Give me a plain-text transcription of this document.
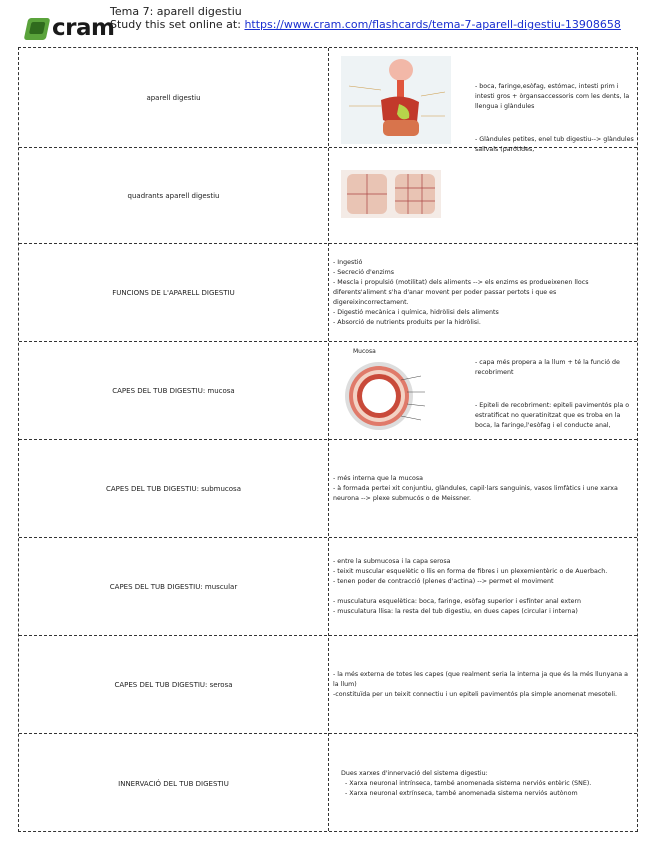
cram
Tema 7: aparell digestiu
Study this set online at: https://www.cram.com/flashcards/tema-7-aparell-digestiu-13908658
aparell digestiu

- boca, faringe,esòfag, estómac, intesti prim i intesti gros + òrgansaccessoris com les dents, la llengua i glàndules

- Glàndules petites, enel tub digestiu--> glàndules salivals (parótides,

quadrants aparell digestiu
FUNCIONS DE L'APARELL DIGESTIU

- Ingestió

- Secreció d'enzims

- Mescla i propulsió (motilitat) dels aliments --> els enzims es produeixenen llocs diferents'aliment s'ha d'anar movent per poder passar pertots i que es digereixincorrectament.

- Digestió mecànica i química, hidròlisi dels aliments

- Absorció de nutrients produits per la hidròlisi.

CAPES DEL TUB DIGESTIU: mucosa
Mucosa

- capa més propera a la llum + té la funció de recobriment

- Epiteli de recobriment: epiteli pavimentós pla o estratificat no queratinitzat que es troba en la boca, la faringe,l'esòfag i el conducte anal,

CAPES DEL TUB DIGESTIU: submucosa

- més interna que la mucosa

- à formada pertei xit conjuntiu, glàndules, capil·lars sanguinis, vasos limfàtics i une xarxa neurona --> plexe submucós o de Meissner.

CAPES DEL TUB DIGESTIU: muscular

- entre la submucosa i la capa serosa

- teixit muscular esquelètic o llis en forma de fibres i un plexemientèric o de Auerbach.

- tenen poder de contracció (plenes d'actina) --> permet el moviment

- musculatura esquelètica: boca, faringe, esòfag superior i esfínter anal extern

- musculatura llisa: la resta del tub digestiu, en dues capes (circular i interna)

CAPES DEL TUB DIGESTIU: serosa

- la més externa de totes les capes (que realment seria la interna ja que és la més llunyana a la llum)

-constituïda per un teixit connectiu i un epiteli pavimentós pla simple anomenat mesoteli.

INNERVACIÓ DEL TUB DIGESTIU

Dues xarxes d'innervació del sistema digestiu:

- Xarxa neuronal intrínseca, també anomenada sistema nerviós entèric (SNE).

- Xarxa neuronal extrínseca, també anomenada sistema nerviós autònom
